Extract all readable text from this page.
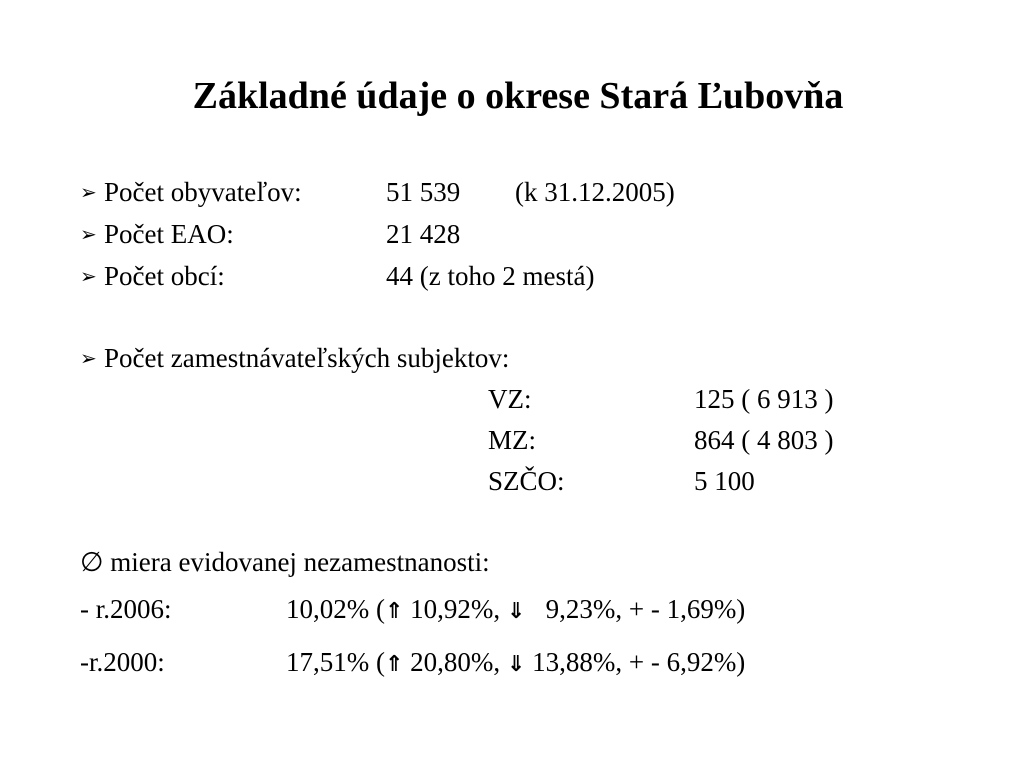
Základné údaje o okrese Stará Ľubovňa
➢ Počet obyvateľov:	51 539 (k 31.12.2005)
➢ Počet EAO:	21 428
➢ Počet obcí:	44 (z toho 2 mestá)
➢ Počet zamestnávateľských subjektov:
VZ:	125 ( 6 913 )
MZ:	864 ( 4 803 )
SZČO:	5 100
∅ miera evidovanej nezamestnanosti:
- r.2006:	10,02% (⇑ 10,92%, ⇓   9,23%, + - 1,69%)
-r.2000:	17,51% (⇑ 20,80%, ⇓ 13,88%, + - 6,92%)
